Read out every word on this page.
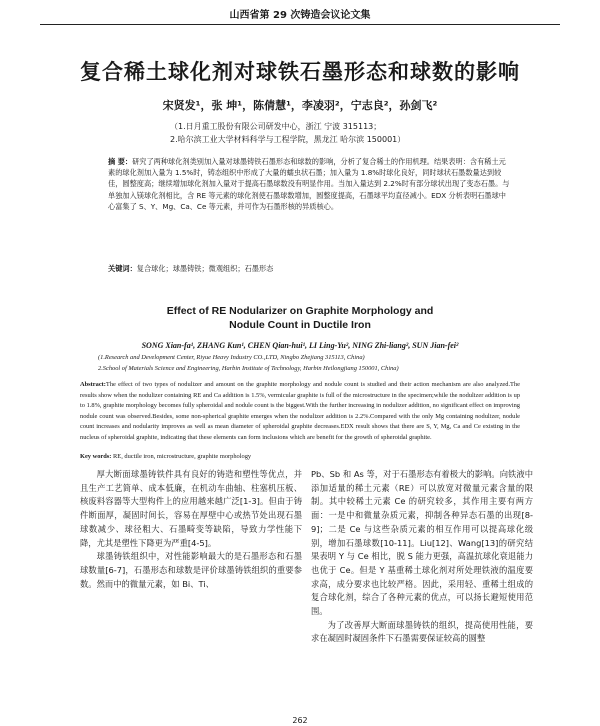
山西省第 29 次铸造会议论文集
复合稀土球化剂对球铁石墨形态和球数的影响
宋贤发¹，张 坤¹，陈倩慧¹，李凌羽²，宁志良²，孙剑飞²
（1.日月重工股份有限公司研发中心，浙江 宁波 315113；
2.哈尔滨工业大学材料科学与工程学院，黑龙江 哈尔滨 150001）
摘 要：研究了两种球化剂类别加入量对球墨铸铁石墨形态和球数的影响，分析了复合稀土的作用机理。结果表明：含有稀土元素的球化剂加入量为 1.5%时，铸态组织中形成了大量的蠕虫状石墨；加入量为 1.8%时球化良好，同时球状石墨数量达到较佳，圆整度高；继续增加球化剂加入量对于提高石墨球数没有明显作用。当加入量达到 2.2%时有部分球状出现了变态石墨。与单独加入镁球化剂相比，含 RE 等元素的球化剂使石墨球数增加，圆整度提高，石墨球平均直径减小。EDX 分析表明石墨球中心富集了 S、Y、Mg、Ca、Ce 等元素，并可作为石墨形核的异质核心。
关键词：复合球化；球墨铸铁；微观组织；石墨形态
Effect of RE Nodularizer on Graphite Morphology and
Nodule Count in Ductile Iron
SONG Xian-fa¹, ZHANG Kun¹, CHEN Qian-hui¹, LI Ling-Yu², NING Zhi-liang², SUN Jian-fei²
(1.Research and Development Center, Riyue Heavy Industry CO.,LTD, Ningbo Zhejiang 315113, China)
2.School of Materials Science and Engineering, Harbin Institute of Technology, Harbin Heilongjiang 150001, China)
Abstract:The effect of two types of nodulizer and amount on the graphite morphology and nodule count is studied and their action mechanism are also analyzed.The results show when the nodulizer containing RE and Ca addition is 1.5%, vermicular graphite is full of the microstructure in the specimen;while the nodulizer addition is up to 1.8%, graphite morphology becomes fully spheroidal and nodule count is the biggest.With the further increasing in nodulizer addition, no significant effect on improving nodule count was observed.Besides, some non-spherical graphite emerges when the nodulizer addition is 2.2%.Compared with the only Mg containing nodulizer, nodule count increases and nodularity improves as well as mean diameter of spheroidal graphite decreases.EDX result shows that there are S, Y, Mg, Ca and Ce existing in the nucleus of spheroidal graphite, indicating that these elements can form inclusions which are benefit for the growth of spheroidal graphite.
Key words: RE, ductile iron, microstructure, graphite morphology

厚大断面球墨铸铁件具有良好的铸造和塑性等优点，并且生产工艺简单、成本低廉，在机动车曲轴、柱塞机压板、核废料容器等大型构件上的应用越来越广泛[1-3]。但由于铸件断面厚，凝固时间长，容易在厚壁中心或热节处出现石墨球数减少、球径粗大、石墨畸变等缺陷，导致力学性能下降，尤其是塑性下降更为严重[4-5]。

球墨铸铁组织中，对性能影响最大的是石墨形态和石墨球数量[6-7]，石墨形态和球数是评价球墨铸铁组织的重要参数。然而中的微量元素，如 Bi、Ti、

Pb、Sb 和 As 等，对于石墨形态有着极大的影响。向铁液中添加适量的稀土元素（RE）可以放宽对微量元素含量的限制。其中较稀土元素 Ce 的研究较多，其作用主要有两方面：一是中和微量杂质元素，抑制各种异态石墨的出现[8-9]；二是 Ce 与这些杂质元素的相互作用可以提高球化级别，增加石墨球数[10-11]。Liu[12]、Wang[13]的研究结果表明 Y 与 Ce 相比，脱 S 能力更强，高温抗球化衰退能力也优于 Ce。但是 Y 基重稀土球化剂对所处理铁液的温度要求高，成分要求也比较严格。因此，采用轻、重稀土组成的复合球化剂，综合了各种元素的优点，可以扬长避短使用范围。

为了改善厚大断面球墨铸铁的组织，提高使用性能，要求在凝固时凝固条件下石墨需要保证较高的圆整

262
